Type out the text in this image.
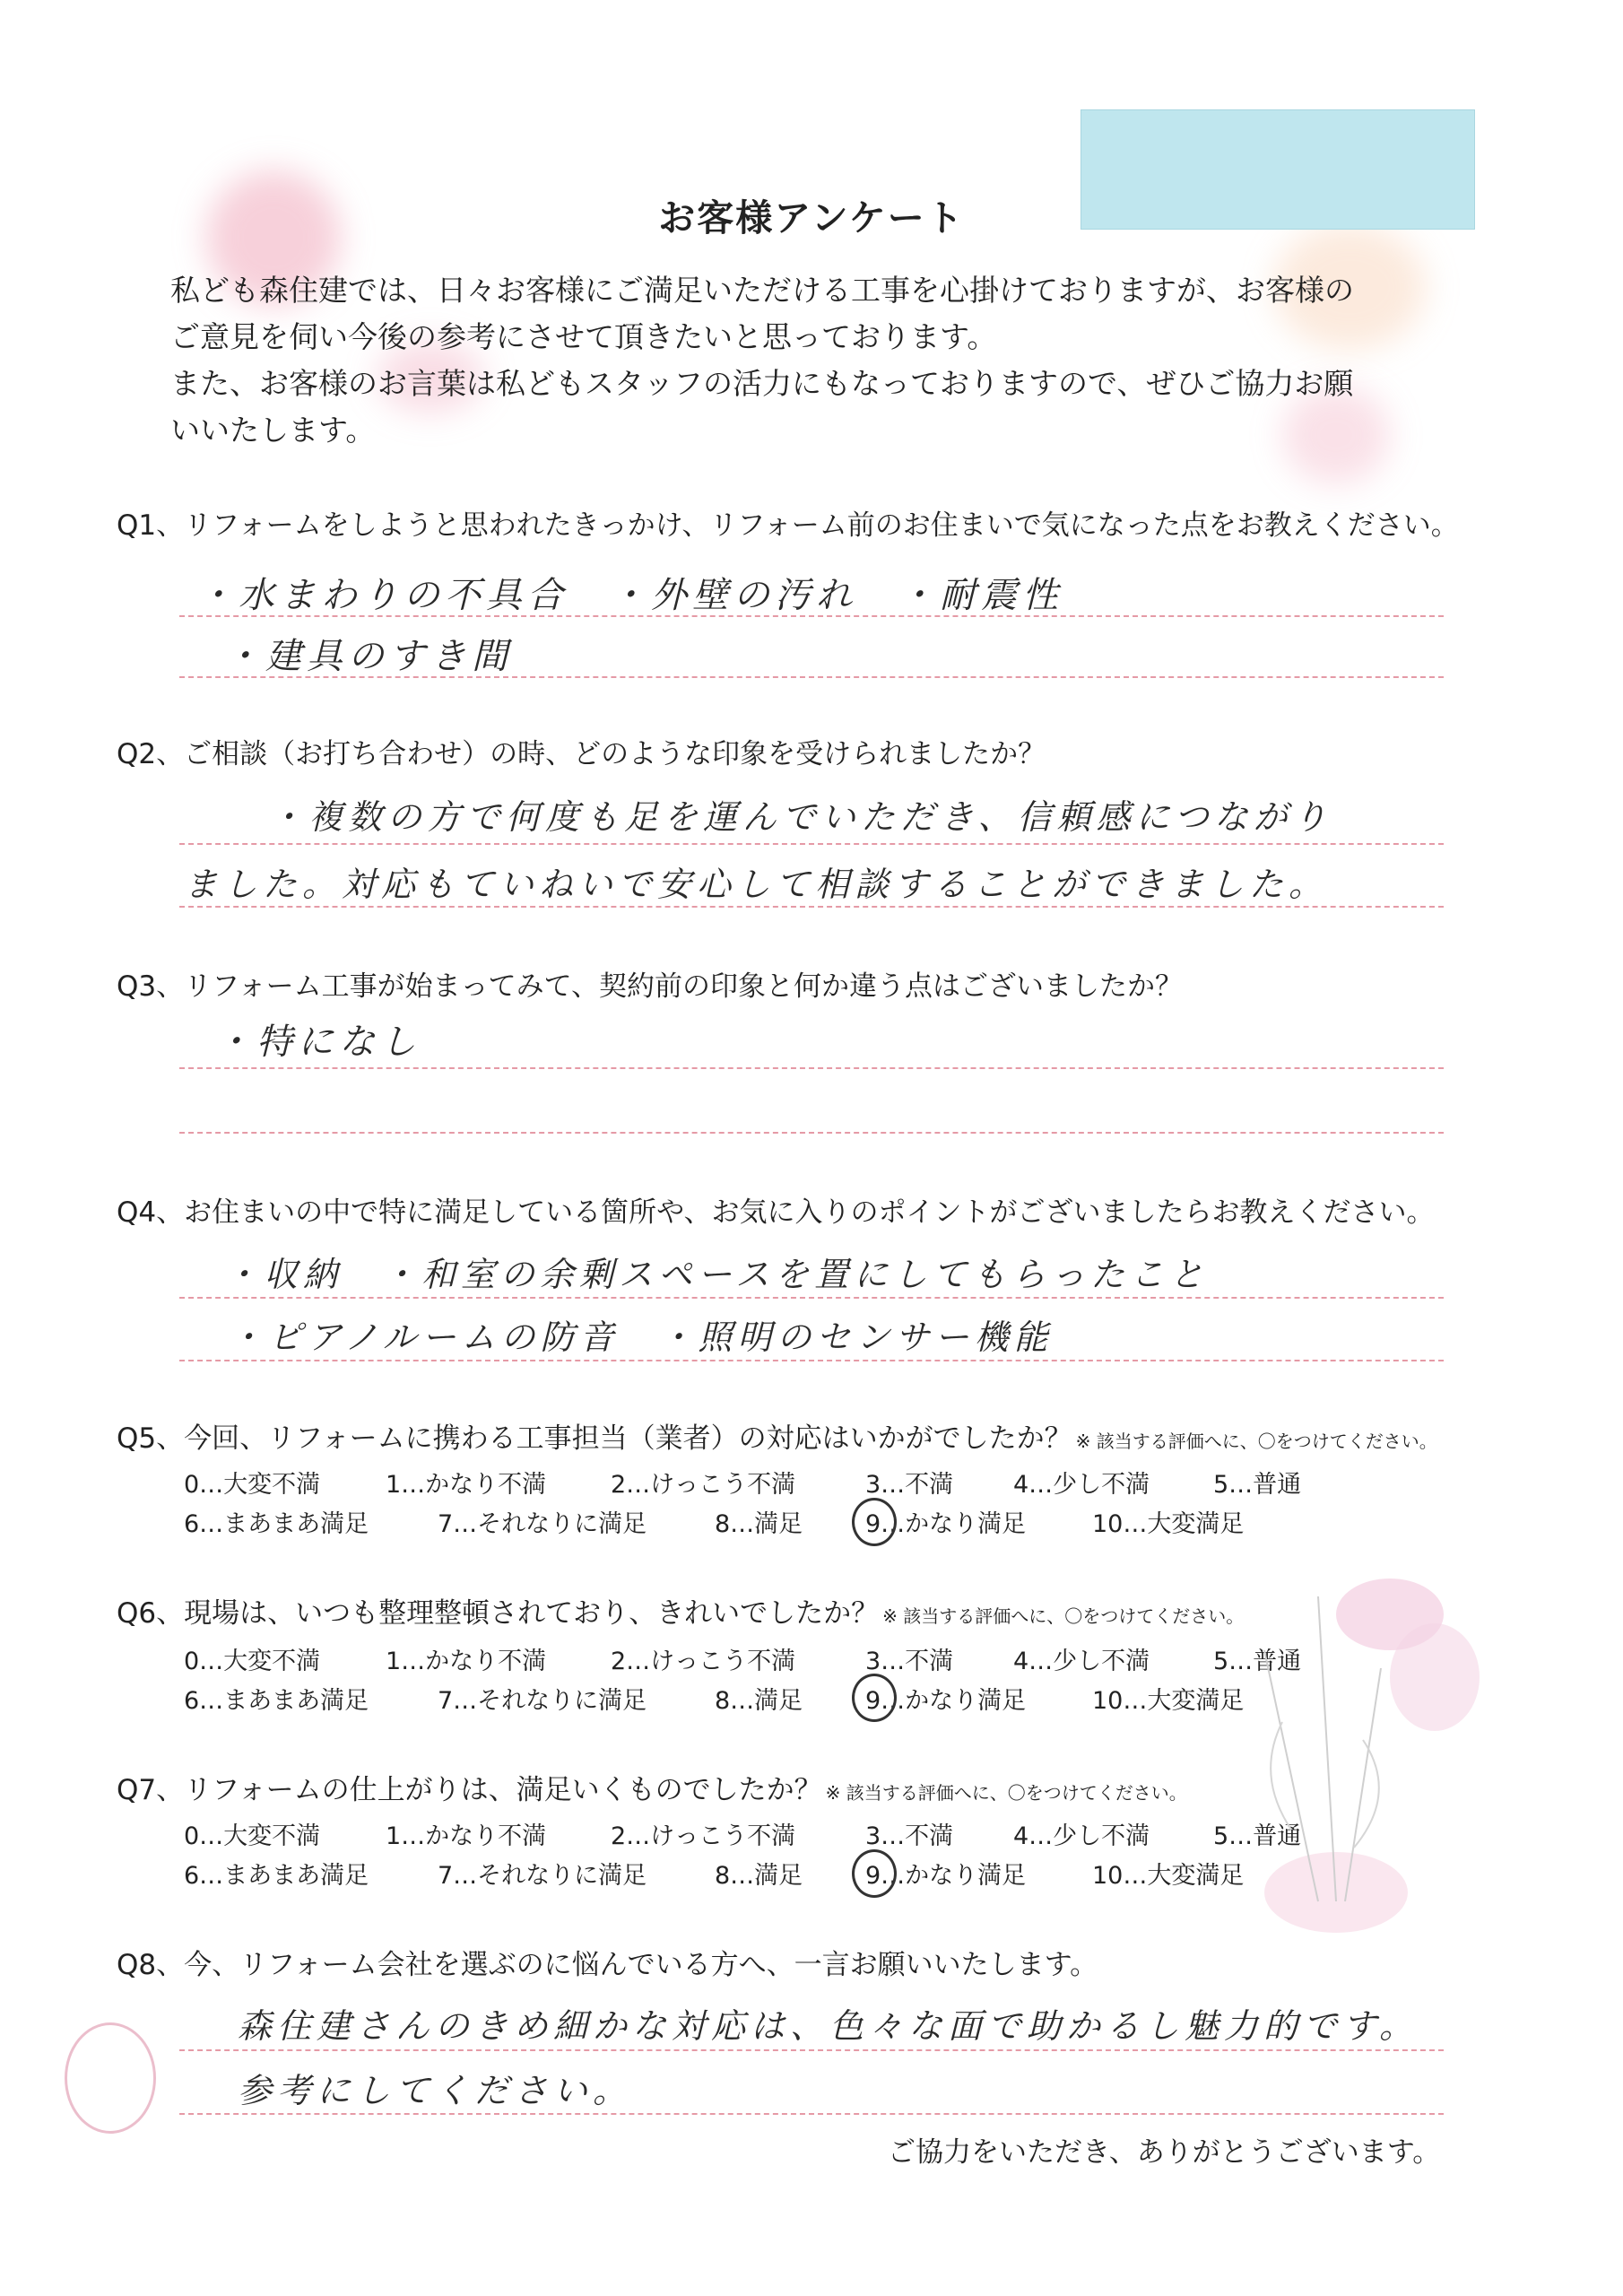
お客様アンケート
私ども森住建では、日々お客様にご満足いただける工事を心掛けておりますが、お客様の
ご意見を伺い今後の参考にさせて頂きたいと思っております。
また、お客様のお言葉は私どもスタッフの活力にもなっておりますので、ぜひご協力お願
いいたします。
Q1、リフォームをしようと思われたきっかけ、リフォーム前のお住まいで気になった点をお教えください。
・水まわりの不具合　・外壁の汚れ　・耐震性
・建具のすき間
Q2、ご相談（お打ち合わせ）の時、どのような印象を受けられましたか？
・複数の方で何度も足を運んでいただき、信頼感につながり
ました。対応もていねいで安心して相談することができました。
Q3、リフォーム工事が始まってみて、契約前の印象と何か違う点はございましたか？
・特になし
Q4、お住まいの中で特に満足している箇所や、お気に入りのポイントがございましたらお教えください。
・収納　・和室の余剰スペースを置にしてもらったこと
・ピアノルームの防音　・照明のセンサー機能
Q5、今回、リフォームに携わる工事担当（業者）の対応はいかがでしたか？ ※ 該当する評価へに、〇をつけてください。
0…大変不満	1…かなり不満	2…けっこう不満	3…不満 4…少し不満	5…普通
6…まあまあ満足	7…それなりに満足	8…満足	9…かなり満足	10…大変満足
Q6、現場は、いつも整理整頓されており、きれいでしたか？ ※ 該当する評価へに、〇をつけてください。
0…大変不満	1…かなり不満	2…けっこう不満	3…不満 4…少し不満	5…普通
6…まあまあ満足	7…それなりに満足	8…満足	9…かなり満足	10…大変満足
Q7、リフォームの仕上がりは、満足いくものでしたか？ ※ 該当する評価へに、〇をつけてください。
0…大変不満	1…かなり不満	2…けっこう不満	3…不満 4…少し不満	5…普通
6…まあまあ満足	7…それなりに満足	8…満足	9…かなり満足	10…大変満足
Q8、今、リフォーム会社を選ぶのに悩んでいる方へ、一言お願いいたします。
森住建さんのきめ細かな対応は、色々な面で助かるし魅力的です。
参考にしてください。
ご協力をいただき、ありがとうございます。
